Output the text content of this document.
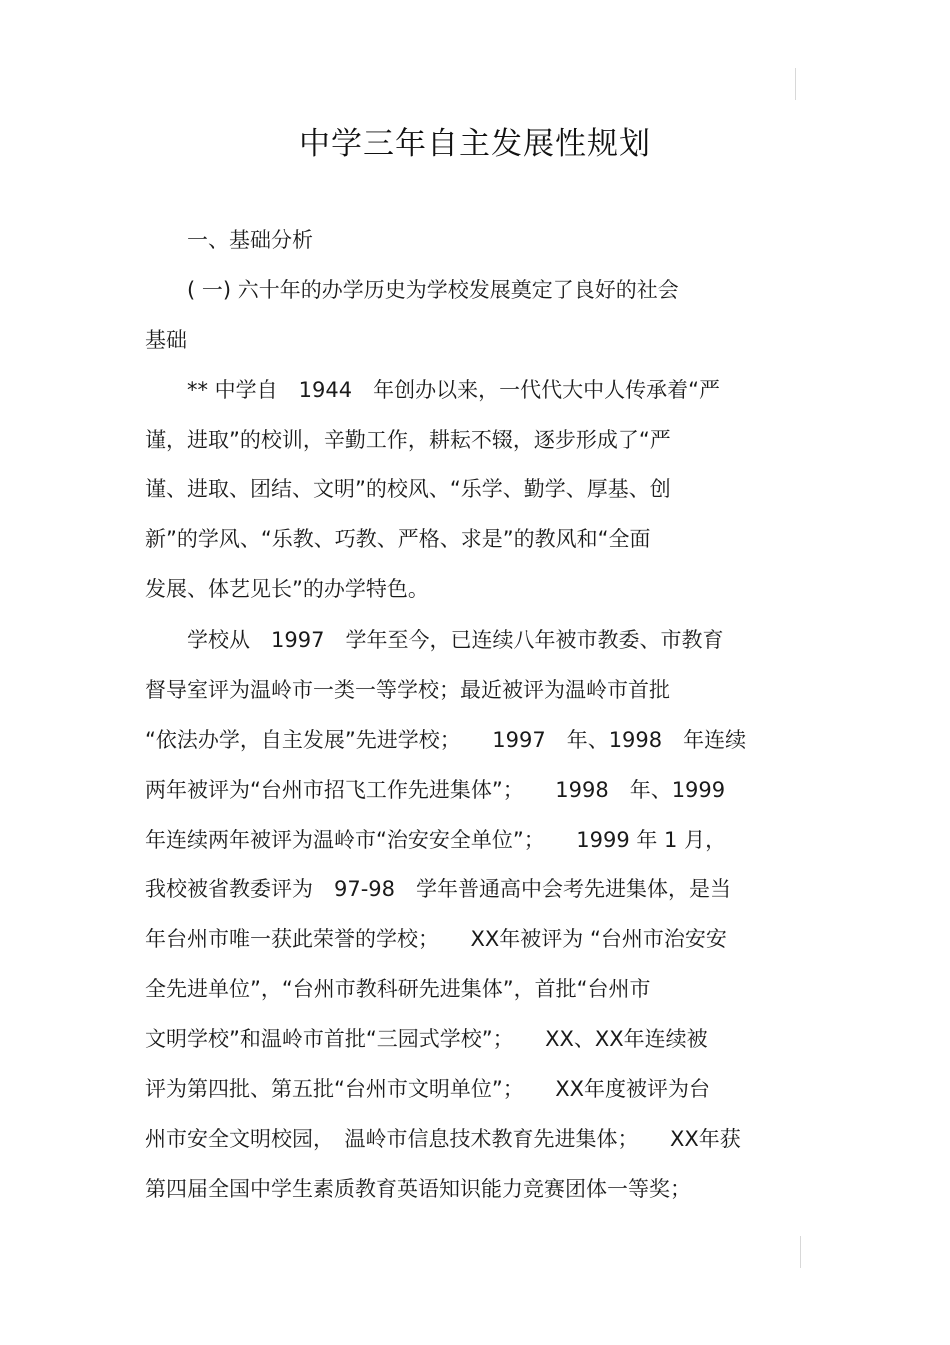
中学三年自主发展性规划

　　一、基础分析

　　( 一) 六十年的办学历史为学校发展奠定了良好的社会

基础

　　** 中学自　1944　年创办以来，一代代大中人传承着“严

谨，进取”的校训，辛勤工作，耕耘不辍，逐步形成了“严

谨、进取、团结、文明”的校风、“乐学、勤学、厚基、创

新”的学风、“乐教、巧教、严格、求是”的教风和“全面

发展、体艺见长”的办学特色。

　　学校从　1997　学年至今，已连续八年被市教委、市教育

督导室评为温岭市一类一等学校；最近被评为温岭市首批

“依法办学，自主发展”先进学校；　　1997　年、1998　年连续

两年被评为“台州市招飞工作先进集体”；　　1998　年、1999

年连续两年被评为温岭市“治安安全单位”；　　1999 年 1 月，

我校被省教委评为　97-98　学年普通高中会考先进集体，是当

年台州市唯一获此荣誉的学校；　　XX年被评为 “台州市治安安

全先进单位”，“台州市教科研先进集体”，首批“台州市

文明学校”和温岭市首批“三园式学校”；　　XX、XX年连续被

评为第四批、第五批“台州市文明单位”；　　XX年度被评为台

州市安全文明校园，　温岭市信息技术教育先进集体；　　XX年获

第四届全国中学生素质教育英语知识能力竞赛团体一等奖；
